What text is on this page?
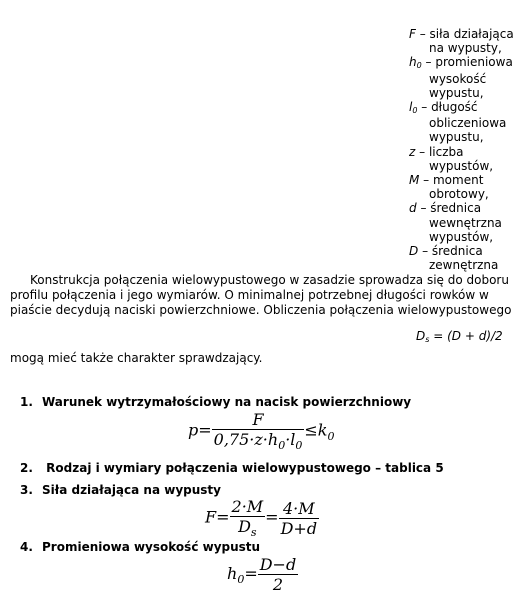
F – siła działająca na wypusty,
$h_0$ – promieniowa wysokość wypustu,
$l_0$ – długość obliczeniowa wypustu,
z – liczba wypustów,
M – moment obrotowy,
d – średnica wewnętrzna wypustów,
D – średnica zewnętrzna
Konstrukcja połączenia wielowypustowego w zasadzie sprowadza się do doboru profilu połączenia i jego wymiarów. O minimalnej potrzebnej długości rowków w piaście decydują naciski powierzchniowe. Obliczenia połączenia wielowypustowego
$D_s = (D + d)/2$
mogą mieć także charakter sprawdzający.
1. Warunek wytrzymałościowy na nacisk powierzchniowy
$p= \frac{F}{0,75\cdot z\cdot h_0\cdot l_0} \le k_0$
2. Rodzaj i wymiary połączenia wielowypustowego – tablica 5
3. Siła działająca na wypusty
$F= \frac{2\cdot M}{D_s} = \frac{4\cdot M}{D+d}$
4. Promieniowa wysokość wypustu
$h_0= \frac{D-d}{2}$
